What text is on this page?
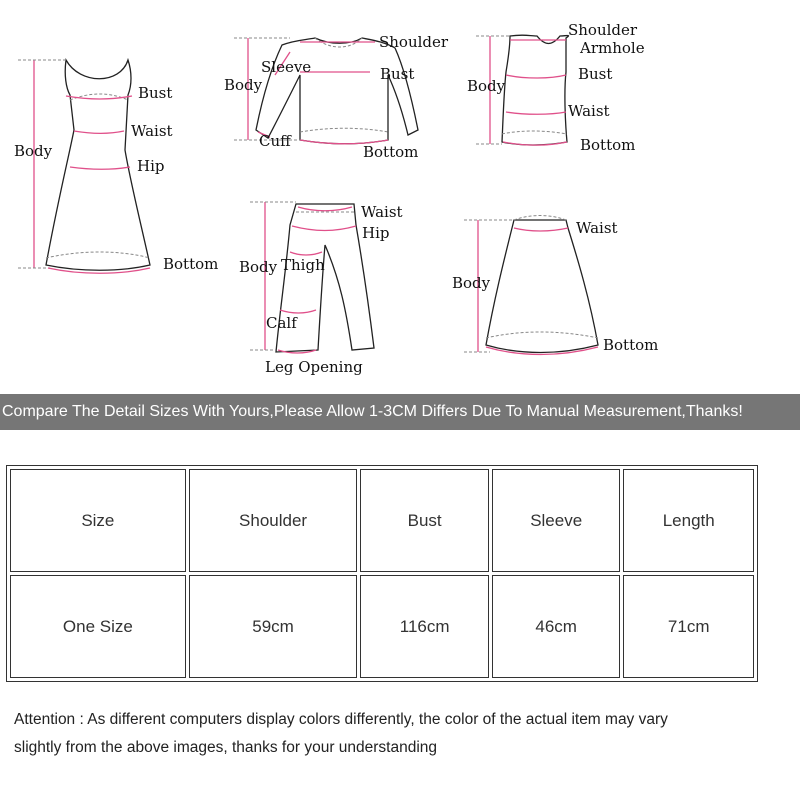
Body
Bust
Waist
Hip
Bottom
Body
Shoulder
Sleeve	Bust
Cuff
Bottom
Body
Shoulder
Armhole
Bust
Waist
Bottom
Waist
Hip
Body Thigh
Calf
Leg Opening
Waist
Body
Bottom
Compare The Detail Sizes With Yours,Please Allow 1-3CM Differs Due To Manual Measurement,Thanks!
Size	Shoulder	Bust	Sleeve	Length
One Size	59cm	116cm	46cm	71cm
Attention : As different computers display colors differently, the color of the actual item may vary
slightly from the above images, thanks for your understanding
